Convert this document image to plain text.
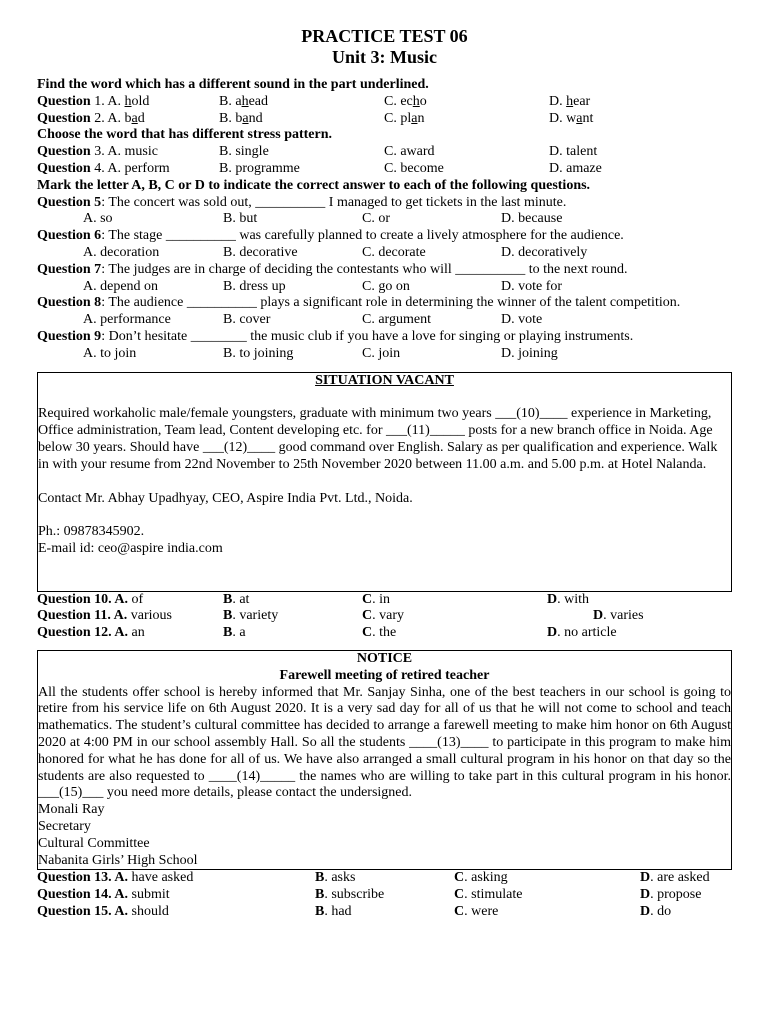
PRACTICE TEST 06
Unit 3: Music
Find the word which has a different sound in the part underlined.
Question 1. A. hold	B. ahead	C. echo	D. hear
Question 2. A. bad	B. band	C. plan	D. want
Choose the word that has different stress pattern.
Question 3. A. music	B. single	C. award	D. talent
Question 4. A. perform	B. programme	C. become	D. amaze
Mark the letter A, B, C or D to indicate the correct answer to each of the following questions.
Question 5: The concert was sold out, __________ I managed to get tickets in the last minute.
A. so	B. but	C. or	D. because
Question 6: The stage __________ was carefully planned to create a lively atmosphere for the audience.
A. decoration	B. decorative	C. decorate	D. decoratively
Question 7: The judges are in charge of deciding the contestants who will __________ to the next round.
A. depend on	B. dress up	C. go on	D. vote for
Question 8: The audience __________ plays a significant role in determining the winner of the talent competition.
A. performance	B. cover	C. argument	D. vote
Question 9: Don’t hesitate ________ the music club if you have a love for singing or playing instruments.
A. to join	B. to joining	C. join	D. joining
SITUATION VACANT

Required workaholic male/female youngsters, graduate with minimum two years ___(10)____ experience in Marketing, Office administration, Team lead, Content developing etc. for ___(11)_____ posts for a new branch office in Noida. Age below 30 years. Should have ___(12)____ good command over English. Salary as per qualification and experience. Walk in with your resume from 22nd November to 25th November 2020 between 11.00 a.m. and 5.00 p.m. at Hotel Nalanda.

Contact Mr. Abhay Upadhyay, CEO, Aspire India Pvt. Ltd., Noida.

Ph.: 09878345902.

E-mail id: ceo@aspire india.com

Question 10. A. of	B. at	C. in	D. with
Question 11. A. various	B. variety	C. vary	D. varies
Question 12. A. an	B. a	C. the	D. no article
NOTICE
Farewell meeting of retired teacher
All the students offer school is hereby informed that Mr. Sanjay Sinha, one of the best teachers in our school is going to retire from his service life on 6th August 2020. It is a very sad day for all of us that he will not come to school and teach mathematics. The student’s cultural committee has decided to arrange a farewell meeting to make him honor on 6th August 2020 at 4:00 PM in our school assembly Hall. So all the students ____(13)____ to participate in this program to make him honored for what he has done for all of us. We have also arranged a small cultural program in his honor on that day so the students are also requested to ____(14)_____ the names who are willing to take part in this cultural program in his honor. ___(15)___ you need more details, please contact the undersigned.
Monali Ray
Secretary
Cultural Committee
Nabanita Girls’ High School
Question 13. A. have asked	B. asks	C. asking	D. are asked
Question 14. A. submit	B. subscribe	C. stimulate	D. propose
Question 15. A. should	B. had	C. were	D. do
